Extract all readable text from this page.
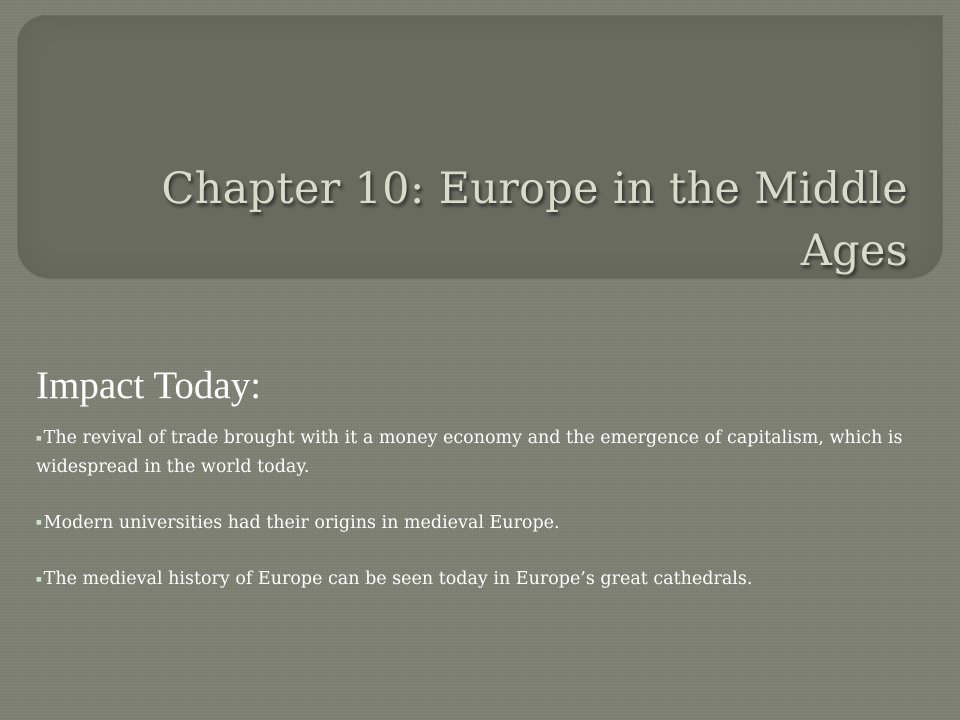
Chapter 10: Europe in the Middle Ages
Impact Today:
■ The revival of trade brought with it a money economy and the emergence of capitalism, which is widespread in the world today.
■ Modern universities had their origins in medieval Europe.
■ The medieval history of Europe can be seen today in Europe’s great cathedrals.
